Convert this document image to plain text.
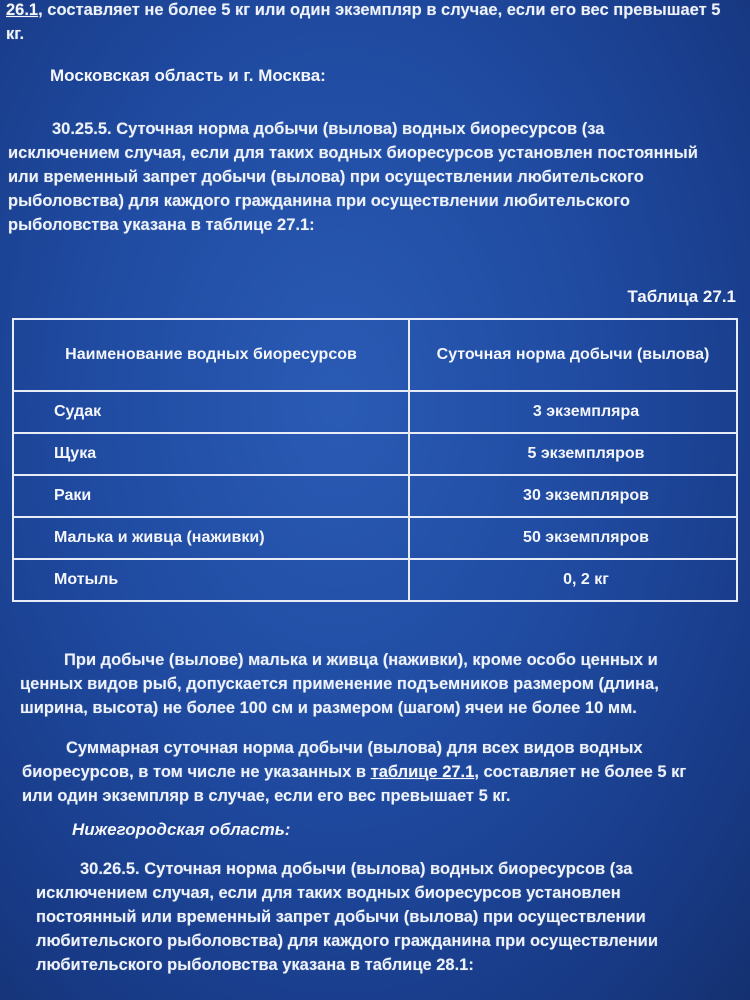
26.1, составляет не более 5 кг или один экземпляр в случае, если его вес превышает 5 кг.
Московская область и г. Москва:
30.25.5. Суточная норма добычи (вылова) водных биоресурсов (за исключением случая, если для таких водных биоресурсов установлен постоянный или временный запрет добычи (вылова) при осуществлении любительского рыболовства) для каждого гражданина при осуществлении любительского рыболовства указана в таблице 27.1:
Таблица 27.1
Наименование водных биоресурсов	Суточная норма добычи (вылова)
Судак	3 экземпляра
Щука	5 экземпляров
Раки	30 экземпляров
Малька и живца (наживки)	50 экземпляров
Мотыль	0, 2 кг
При добыче (вылове) малька и живца (наживки), кроме особо ценных и ценных видов рыб, допускается применение подъемников размером (длина, ширина, высота) не более 100 см и размером (шагом) ячеи не более 10 мм.
Суммарная суточная норма добычи (вылова) для всех видов водных биоресурсов, в том числе не указанных в таблице 27.1, составляет не более 5 кг или один экземпляр в случае, если его вес превышает 5 кг.
Нижегородская область:
30.26.5. Суточная норма добычи (вылова) водных биоресурсов (за исключением случая, если для таких водных биоресурсов установлен постоянный или временный запрет добычи (вылова) при осуществлении любительского рыболовства) для каждого гражданина при осуществлении любительского рыболовства указана в таблице 28.1:
